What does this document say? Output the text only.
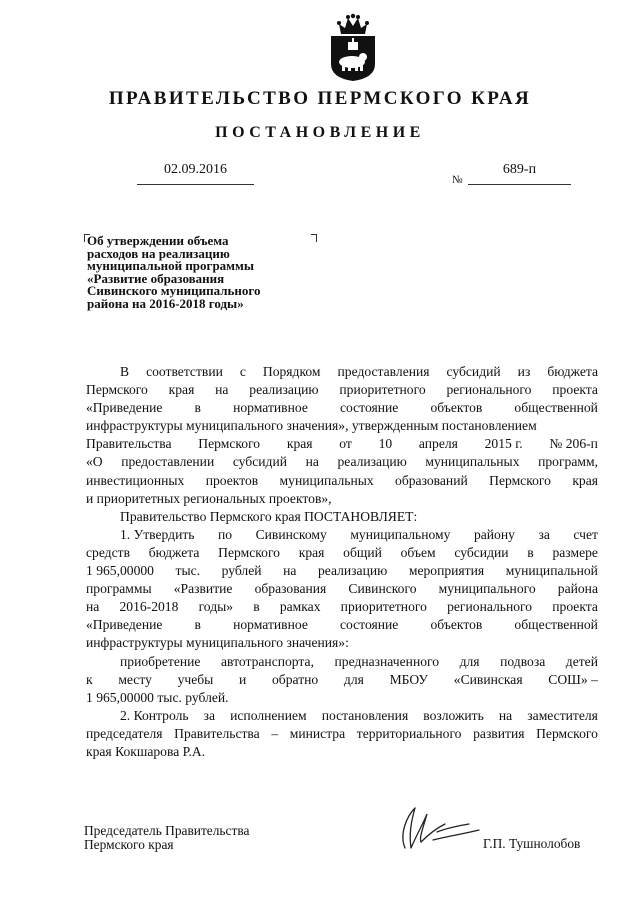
ПРАВИТЕЛЬСТВО ПЕРМСКОГО КРАЯ
ПОСТАНОВЛЕНИЕ
02.09.2016
№
689-п
Об утверждении объема
расходов на реализацию
муниципальной программы
«Развитие образования
Сивинского муниципального
района на 2016-2018 годы»
В соответствии с Порядком предоставления субсидий из бюджета
Пермского края на реализацию приоритетного регионального проекта
«Приведение в нормативное состояние объектов общественной
инфраструктуры муниципального значения», утвержденным постановлением
Правительства Пермского края от 10 апреля 2015 г. № 206-п
«О предоставлении субсидий на реализацию муниципальных программ,
инвестиционных проектов муниципальных образований Пермского края
и приоритетных региональных проектов»,
Правительство Пермского края ПОСТАНОВЛЯЕТ:
1. Утвердить по Сивинскому муниципальному району за счет
средств бюджета Пермского края общий объем субсидии в размере
1 965,00000 тыс. рублей на реализацию мероприятия муниципальной
программы «Развитие образования Сивинского муниципального района
на 2016-2018 годы» в рамках приоритетного регионального проекта
«Приведение в нормативное состояние объектов общественной
инфраструктуры муниципального значения»:
приобретение автотранспорта, предназначенного для подвоза детей
к месту учебы и обратно для МБОУ «Сивинская СОШ» –
1 965,00000 тыс. рублей.
2. Контроль за исполнением постановления возложить на заместителя
председателя Правительства – министра территориального развития Пермского
края Кокшарова Р.А.
Председатель Правительства
Пермского края	Г.П. Тушнолобов
